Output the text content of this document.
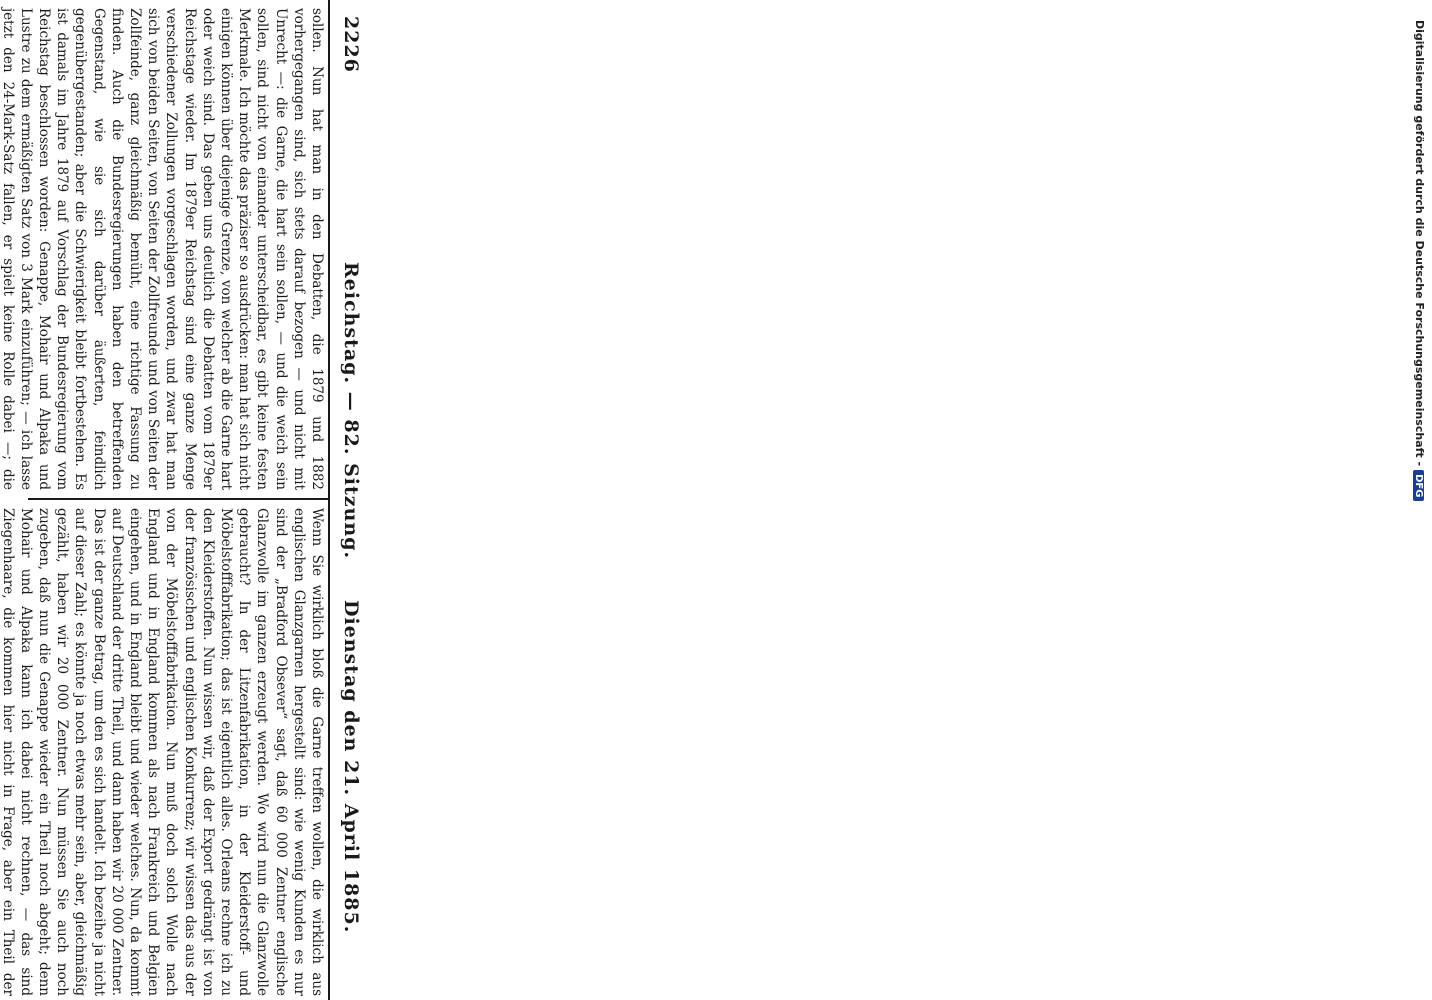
2226
Reichstag. — 82. Sitzung.
Dienstag den 21. April 1885.

sollen. Nun hat man in den Debatten, die 1879 und 1882 vorhergegangen sind, sich stets darauf bezogen — und nicht mit Unrecht —: die Garne, die hart sein sollen, — und die weich sein sollen, sind nicht von einander unterscheidbar, es gibt keine festen Merkmale. Ich möchte das präziser so ausdrücken: man hat sich nicht einigen können über diejenige Grenze, von welcher ab die Garne hart oder weich sind. Das geben uns deutlich die Debatten vom 1879er Reichstage wieder. Im 1879er Reichstag sind eine ganze Menge verschiedener Zollungen vorgeschlagen worden, und zwar hat man sich von beiden Seiten, von Seiten der Zollfreunde und von Seiten der Zollfeinde, ganz gleichmäßig bemüht, eine richtige Fassung zu finden. Auch die Bundesregierungen haben den betreffenden Gegenstand, wie sie sich darüber äußerten, feindlich gegenübergestanden; aber die Schwierigkeit bleibt fortbestehen. Es ist damals im Jahre 1879 auf Vorschlag der Bundesregierung vom Reichstag beschlossen worden: Genappe, Mohair und Alpaka und Lustre zu dem ermäßigten Satz von 3 Mark einzuführen; — ich lasse jetzt den 24-Mark-Satz fallen, er spielt keine Rolle dabei —; die

Wenn Sie wirklich bloß die Garne treffen wollen, die wirklich aus englischen Glanzgarnen hergestellt sind: wie wenig Kunden es nur sind der „Bradford Obsever“ sagt, daß 60 000 Zentner englische Glanzwolle im ganzen erzeugt werden. Wo wird nun die Glanzwolle gebraucht? In der Litzenfabrikation, in der Kleiderstoff- und Möbelstofffabrikation; das ist eigentlich alles. Orleans rechne ich zu den Kleiderstoffen. Nun wissen wir, daß der Export gedrängt ist von der französischen und englischen Konkurrenz; wir wissen das aus der von der Möbelstofffabrikation. Nun muß doch solch Wolle nach England und in England kommen als nach Frankreich und Belgien eingehen, und in England bleibt und wieder welches. Nun, da kommt auf Deutschland der dritte Theil, und dann haben wir 20 000 Zentner. Das ist der ganze Betrag, um den es sich handelt. Ich bezeihe ja nicht auf dieser Zahl; es könnte ja noch etwas mehr sein, aber, gleichmäßig gezählt, haben wir 20 000 Zentner. Nun müssen Sie auch noch zugeben, daß nun die Genappe wieder ein Theil noch abgeht; denn Mohair und Alpaka kann ich dabei nicht rechnen, — das sind Ziegenhaare, die kommen hier nicht in Frage, aber ein Theil der

Digitalisierung gefördert durch die Deutsche Forschungsgemeinschaft -DFG
